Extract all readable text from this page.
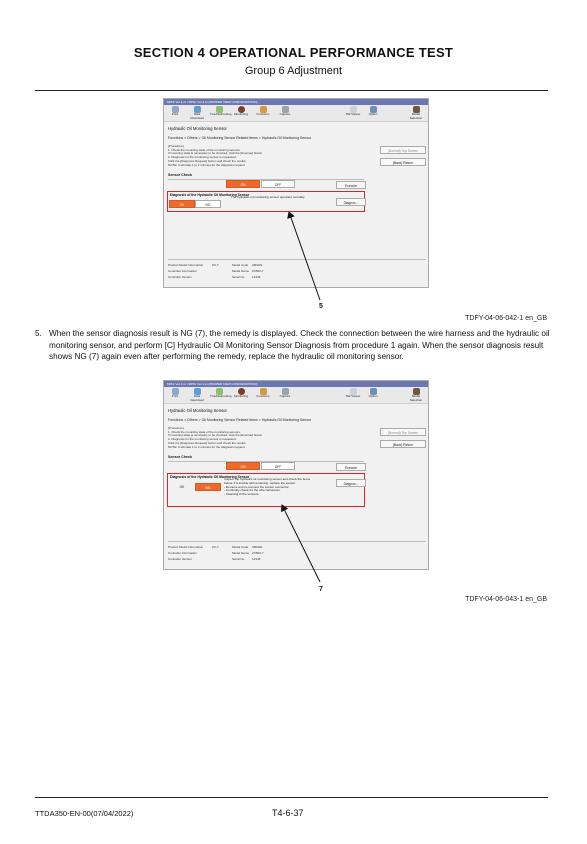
SECTION 4 OPERATIONAL PERFORMANCE TEST
Group 6 Adjustment
MPDr Ver.3.xx / MPDr Ver.3.xx [PROPER VIEW CONFIGURATION]
Print	Data Download
Troubleshooting Monitoring	Functions	Capture	SW Viewer	Option	Model Selection
Hydraulic Oil Monitoring Sensor
Functions > Others > Oil Monitoring Sensor Related Items > Hydraulic Oil Monitoring Sensor
[Procedure]
1. Check the mounting state of the monitoring sensors.
If mounting state is necessary to be checked, click the [Execute] button.
2. Diagnosis for the monitoring sensor is requested.
Click the [Diagnosis Request] button and check the results.
NOTE: It will take 1 to 2 minutes for the diagnosis request.
(Normal) Top Screen
(Back) Return
Sensor Check
ON	OFF	Execute
Diagnosis of the Hydraulic Oil Monitoring Sensor
OK	NG
The hydraulic oil monitoring sensor operates normally.
Diagnos...
Product Model Information	ZX-7	Model Code ABCDE
Controller Information	Model Name ZX500-7
Controller Version	Serial No. 12345
5
TDFY-04-06-042-1 en_GB
5. When the sensor diagnosis result is NG (7), the remedy is displayed. Check the connection between the wire harness and the hydraulic oil monitoring sensor, and perform [C] Hydraulic Oil Monitoring Sensor Diagnosis from procedure 1 again. When the sensor diagnosis result shows NG (7) again even after performing the remedy, replace the hydraulic oil monitoring sensor.
MPDr Ver.3.xx / MPDr Ver.3.xx [PROPER VIEW CONFIGURATION]
Print	Data Download
Troubleshooting Monitoring	Functions	Capture	SW Viewer	Option	Model Selection
Hydraulic Oil Monitoring Sensor
Functions > Others > Oil Monitoring Sensor Related Items > Hydraulic Oil Monitoring Sensor
[Procedure]
1. Check the mounting state of the monitoring sensors.
If mounting state is necessary to be checked, click the [Execute] button.
2. Diagnosis for the monitoring sensor is requested.
Click the [Diagnosis Request] button and check the results.
NOTE: It will take 1 to 2 minutes for the diagnosis request.
(Normal) Top Screen
(Back) Return
Sensor Check
ON	OFF	Execute
Diagnosis of the Hydraulic Oil Monitoring Sensor
OK	NG
Inspect the hydraulic oil monitoring sensor and check the items
below. If a trouble still remaining, replace the sensor.
- Remove and re-connect the sensor connector.
- Continuity check for the wire harnesses.
- Cleaning of the sensors.
Diagnos...
Product Model Information	ZX-7	Model Code ABCDE
Controller Information	Model Name ZX500-7
Controller Version	Serial No. 12345
7
TDFY-04-06-043-1 en_GB
TTDA350-EN-00(07/04/2022)	T4-6-37
